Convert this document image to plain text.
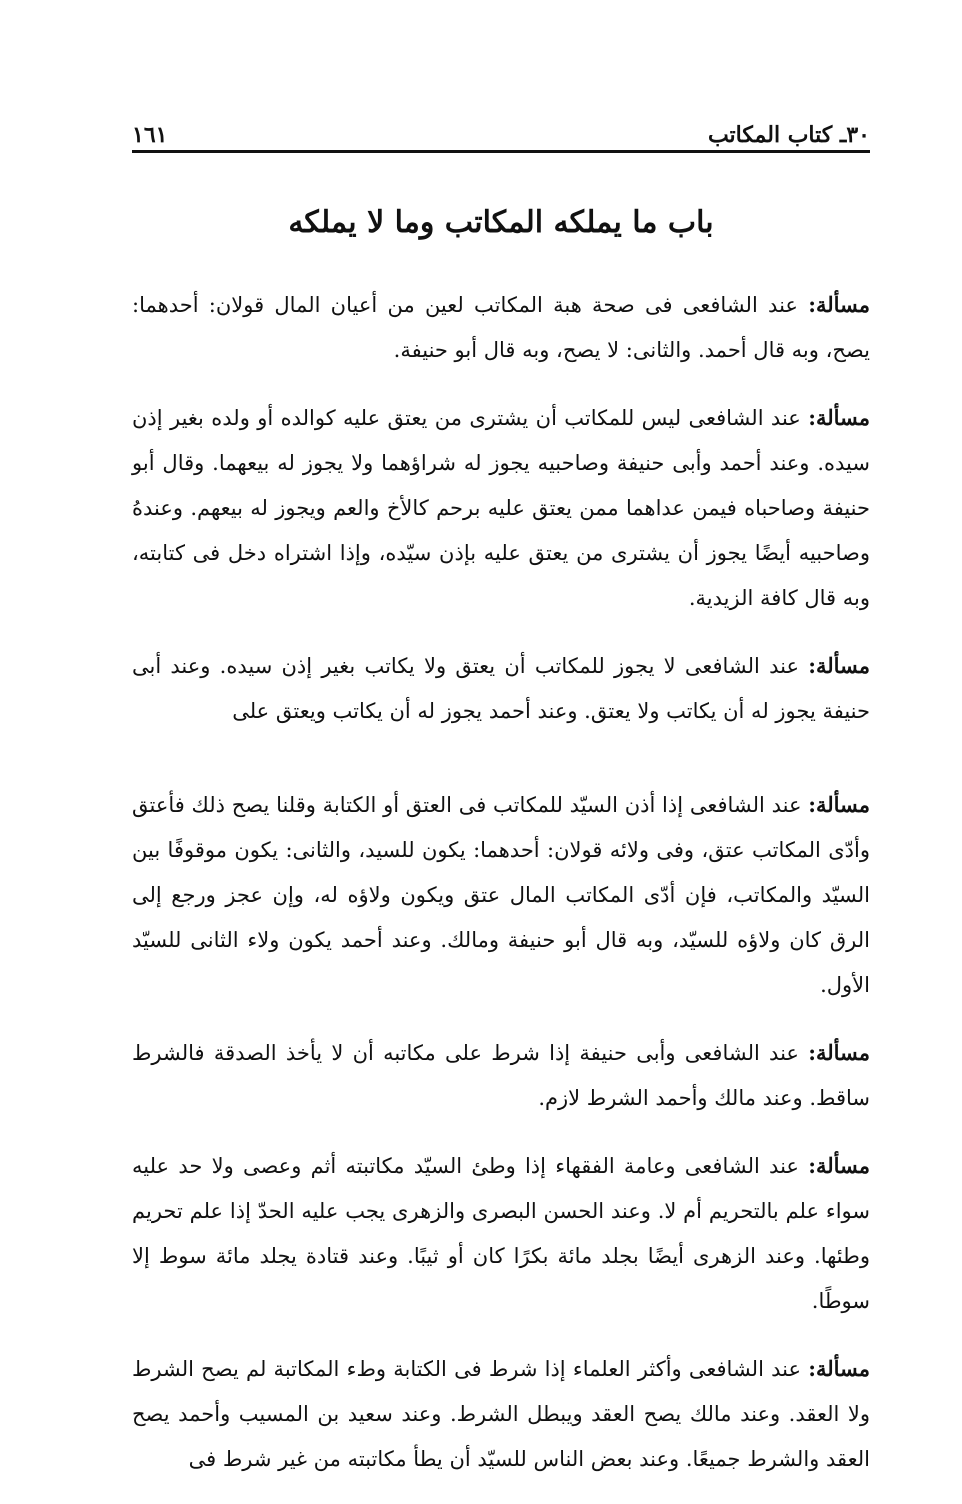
٣٠ـ كتاب المكاتب
١٦١
باب ما يملكه المكاتب وما لا يملكه

مسألة: عند الشافعى فى صحة هبة المكاتب لعين من أعيان المال قولان: أحدهما: يصح، وبه قال أحمد. والثانى: لا يصح، وبه قال أبو حنيفة.

مسألة: عند الشافعى ليس للمكاتب أن يشترى من يعتق عليه كوالده أو ولده بغير إذن سيده. وعند أحمد وأبى حنيفة وصاحبيه يجوز له شراؤهما ولا يجوز له بيعهما. وقال أبو حنيفة وصاحباه فيمن عداهما ممن يعتق عليه برحم كالأخ والعم ويجوز له بيعهم. وعندهُ وصاحبيه أيضًا يجوز أن يشترى من يعتق عليه بإذن سيّده، وإذا اشتراه دخل فى كتابته، وبه قال كافة الزيدية.

مسألة: عند الشافعى لا يجوز للمكاتب أن يعتق ولا يكاتب بغير إذن سيده. وعند أبى حنيفة يجوز له أن يكاتب ولا يعتق. وعند أحمد يجوز له أن يكاتب ويعتق على

مسألة: عند الشافعى إذا أذن السيّد للمكاتب فى العتق أو الكتابة وقلنا يصح ذلك فأعتق وأدّى المكاتب عتق، وفى ولائه قولان: أحدهما: يكون للسيد، والثانى: يكون موقوفًا بين السيّد والمكاتب، فإن أدّى المكاتب المال عتق ويكون ولاؤه له، وإن عجز ورجع إلى الرق كان ولاؤه للسيّد، وبه قال أبو حنيفة ومالك. وعند أحمد يكون ولاء الثانى للسيّد الأول.

مسألة: عند الشافعى وأبى حنيفة إذا شرط على مكاتبه أن لا يأخذ الصدقة فالشرط ساقط. وعند مالك وأحمد الشرط لازم.

مسألة: عند الشافعى وعامة الفقهاء إذا وطئ السيّد مكاتبته أثم وعصى ولا حد عليه سواء علم بالتحريم أم لا. وعند الحسن البصرى والزهرى يجب عليه الحدّ إذا علم تحريم وطئها. وعند الزهرى أيضًا بجلد مائة بكرًا كان أو ثيبًا. وعند قتادة يجلد مائة سوط إلا سوطًا.

مسألة: عند الشافعى وأكثر العلماء إذا شرط فى الكتابة وطء المكاتبة لم يصح الشرط ولا العقد. وعند مالك يصح العقد ويبطل الشرط. وعند سعيد بن المسيب وأحمد يصح العقد والشرط جميعًا. وعند بعض الناس للسيّد أن يطأ مكاتبته من غير شرط فى
